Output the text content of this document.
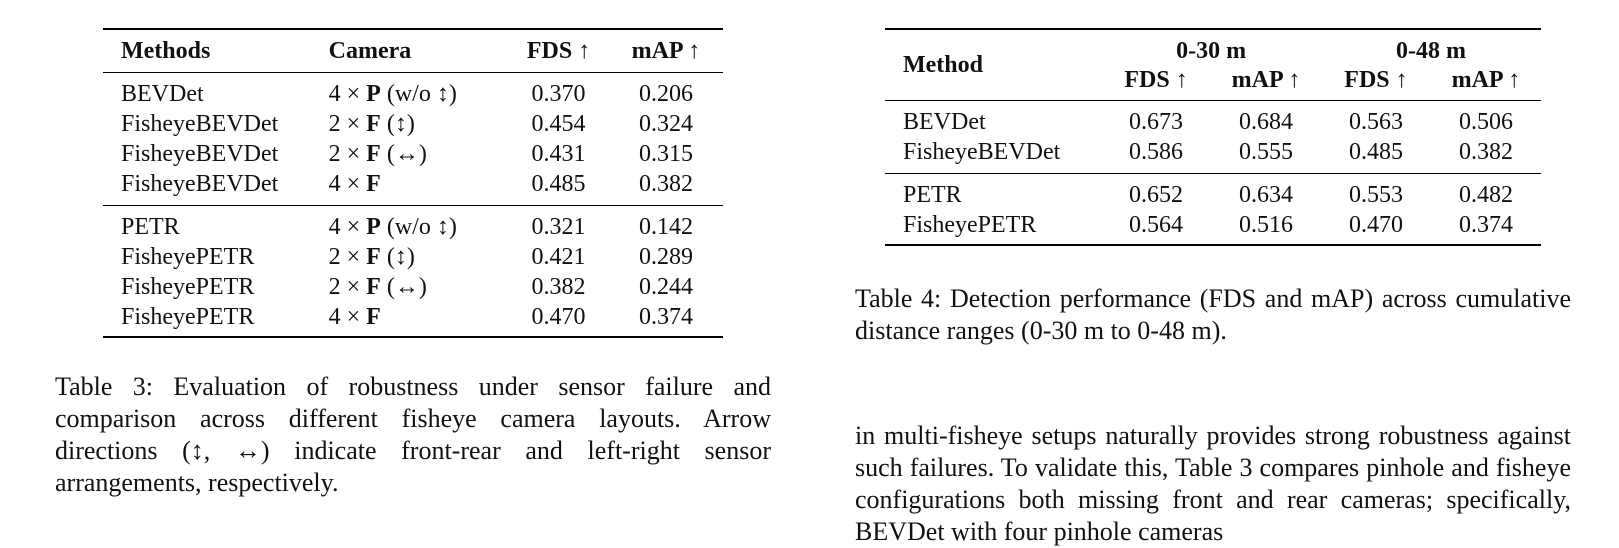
Methods	Camera	FDS ↑	mAP ↑
BEVDet	4 × P (w/o ↕)	0.370	0.206
FisheyeBEVDet	2 × F (↕)	0.454	0.324
FisheyeBEVDet	2 × F (↔)	0.431	0.315
FisheyeBEVDet	4 × F	0.485	0.382
PETR	4 × P (w/o ↕)	0.321	0.142
FisheyePETR	2 × F (↕)	0.421	0.289
FisheyePETR	2 × F (↔)	0.382	0.244
FisheyePETR	4 × F	0.470	0.374
Table 3: Evaluation of robustness under sensor failure and comparison across different fisheye camera layouts. Arrow directions (↕, ↔) indicate front-rear and left-right sensor arrangements, respectively.
Method	0-30 m		0-48 m	
	FDS ↑	mAP ↑	FDS ↑	mAP ↑
BEVDet	0.673	0.684	0.563	0.506
FisheyeBEVDet	0.586	0.555	0.485	0.382
PETR	0.652	0.634	0.553	0.482
FisheyePETR	0.564	0.516	0.470	0.374
Table 4: Detection performance (FDS and mAP) across cumulative distance ranges (0-30 m to 0-48 m).
in multi-fisheye setups naturally provides strong robustness against such failures. To validate this, Table 3 compares pinhole and fisheye configurations both missing front and rear cameras; specifically, BEVDet with four pinhole cameras
